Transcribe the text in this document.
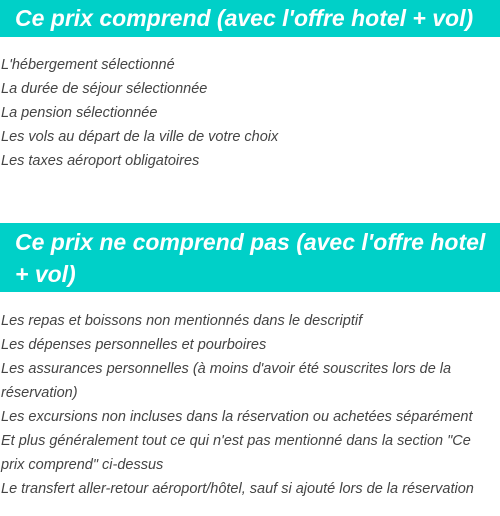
Ce prix comprend (avec l'offre hotel + vol)
L'hébergement sélectionné
La durée de séjour sélectionnée
La pension sélectionnée
Les vols au départ de la ville de votre choix
Les taxes aéroport obligatoires
Ce prix ne comprend pas (avec l'offre hotel + vol)
Les repas et boissons non mentionnés dans le descriptif
Les dépenses personnelles et pourboires
Les assurances personnelles (à moins d'avoir été souscrites lors de la réservation)
Les excursions non incluses dans la réservation ou achetées séparément
Et plus généralement tout ce qui n'est pas mentionné dans la section "Ce prix comprend" ci-dessus
Le transfert aller-retour aéroport/hôtel, sauf si ajouté lors de la réservation
